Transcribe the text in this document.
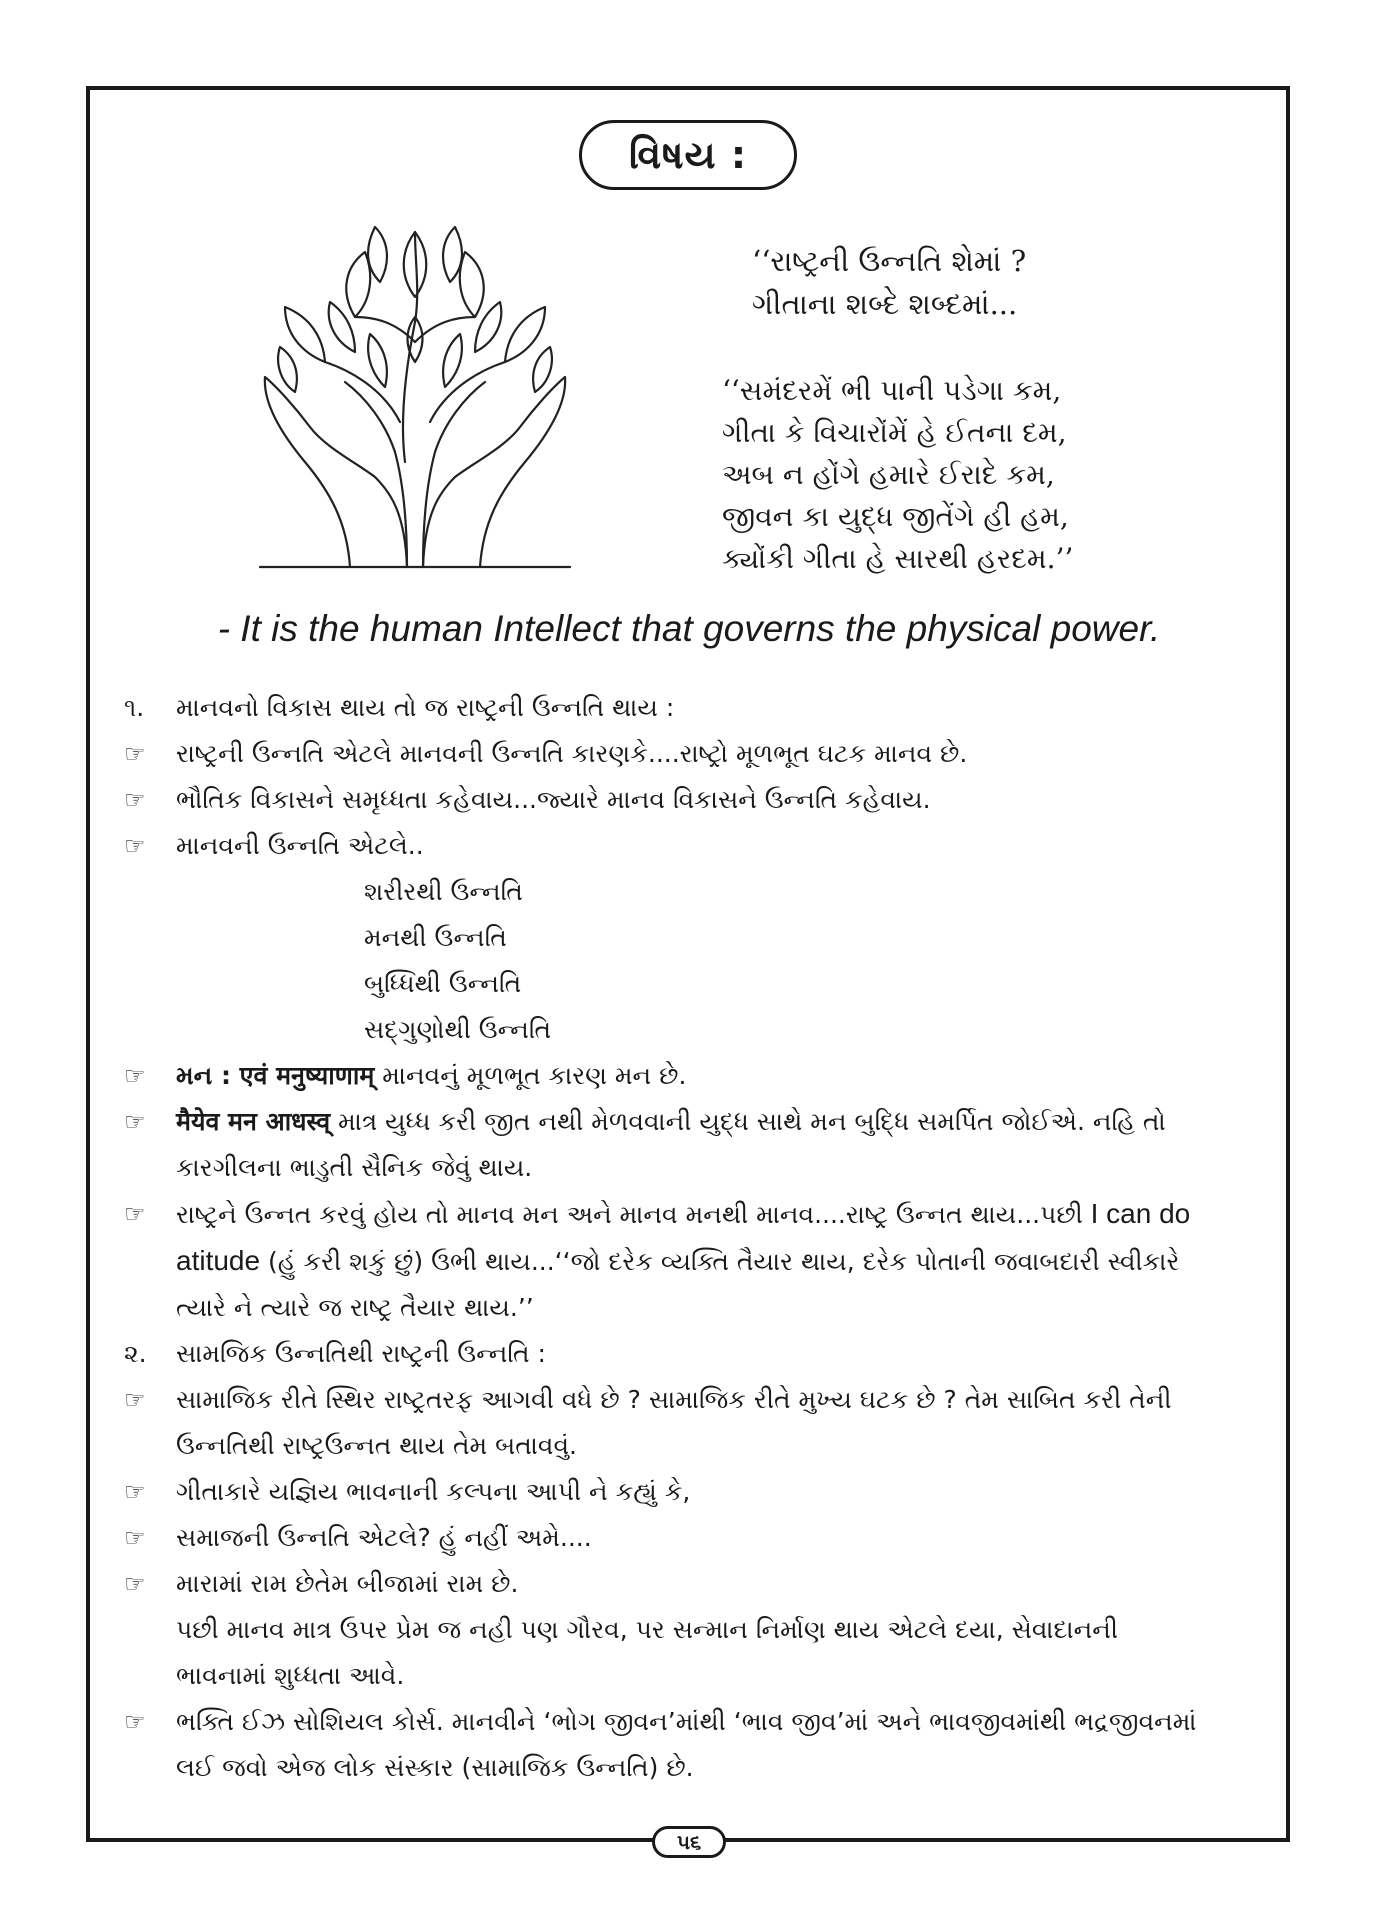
વિષય :
‘‘રાષ્ટ્રની ઉન્નતિ શેમાં ?
ગીતાના શબ્દે શબ્દમાં...
‘‘સમંદરમેં ભી પાની પડેગા કમ,
ગીતા કે વિચારોંમેં હે ઈતના દમ,
અબ ન હોંગે હમારે ઈરાદે કમ,
જીવન કા યુદ્ધ જીતેંગે હી હમ,
ક્યોંકી ગીતા હે સારથી હરદમ.’’
- It is the human Intellect that governs the physical power.
૧.	માનવનો વિકાસ થાય તો જ રાષ્ટ્રની ઉન્નતિ થાય :
☞	રાષ્ટ્રની ઉન્નતિ એટલે માનવની ઉન્નતિ કારણકે....રાષ્ટ્રો મૂળભૂત ઘટક માનવ છે.
☞	ભૌતિક વિકાસને સમૃધ્ધતા કહેવાય...જ્યારે માનવ વિકાસને ઉન્નતિ કહેવાય.
☞	માનવની ઉન્નતિ એટલે..
શરીરથી ઉન્નતિ
મનથી ઉન્નતિ
બુધ્ધિથી ઉન્નતિ
સદ્‌ગુણોથી ઉન્નતિ
☞	મન : एवं मनुष्याणाम् માનવનું મૂળભૂત કારણ મન છે.
☞	मैयेव मन आधस्व् માત્ર યુધ્ધ કરી જીત નથી મેળવવાની યુદ્ધ સાથે મન બુદ્ધિ સમર્પિત જોઈએ. નહિ તો
કારગીલના ભાડુતી સૈનિક જેવું થાય.
☞	રાષ્ટ્રને ઉન્નત કરવું હોય તો માનવ મન અને માનવ મનથી માનવ....રાષ્ટ્ર ઉન્નત થાય...પછી I can do
atitude (હું કરી શકું છું) ઉભી થાય...‘‘જો દરેક વ્યક્તિ તૈયાર થાય, દરેક પોતાની જવાબદારી સ્વીકારે
ત્યારે ને ત્યારે જ રાષ્ટ્ર તૈયાર થાય.’’
૨.	સામજિક ઉન્નતિથી રાષ્ટ્રની ઉન્નતિ :
☞	સામાજિક રીતે સ્થિર રાષ્ટ્રતરફ આગવી વધે છે ? સામાજિક રીતે મુખ્ય ઘટક છે ? તેમ સાબિત કરી તેની
ઉન્નતિથી રાષ્ટ્રઉન્નત થાય તેમ બતાવવું.
☞	ગીતાકારે યજ્ઞિય ભાવનાની કલ્પના આપી ને કહ્યું કે,
☞	સમાજની ઉન્નતિ એટલે? હું નહીં અમે....
☞	મારામાં રામ છેતેમ બીજામાં રામ છે.
પછી માનવ માત્ર ઉપર પ્રેમ જ નહી પણ ગૌરવ, પર સન્માન નિર્માણ થાય એટલે દયા, સેવાદાનની
ભાવનામાં શુધ્ધતા આવે.
☞	ભક્તિ ઈઝ સોશિયલ કોર્સ. માનવીને ‘ભોગ જીવન’માંથી ‘ભાવ જીવ’માં અને ભાવજીવમાંથી ભદ્રજીવનમાં
લઈ જવો એજ લોક સંસ્કાર (સામાજિક ઉન્નતિ) છે.
૫૬
